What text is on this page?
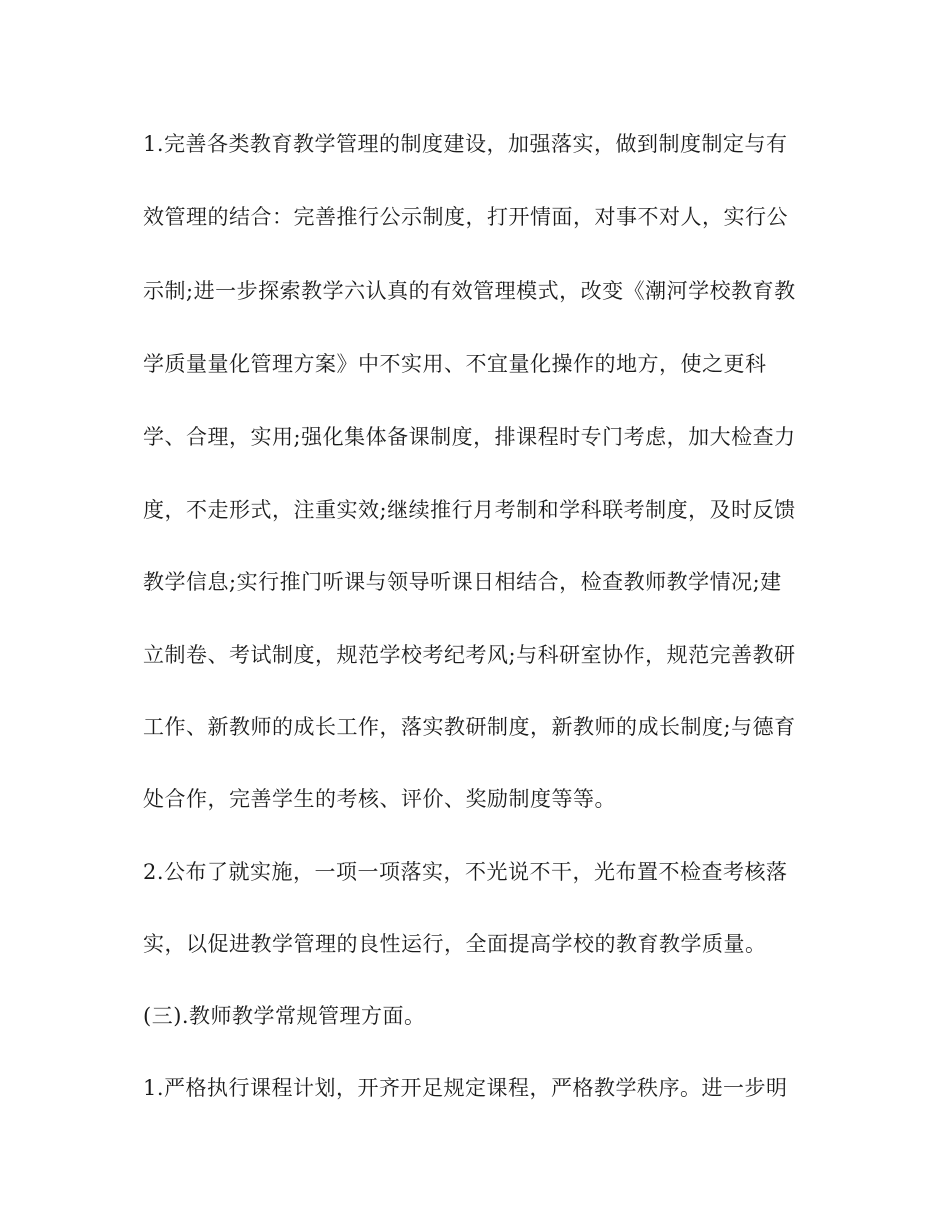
1.完善各类教育教学管理的制度建设，加强落实，做到制度制定与有
效管理的结合：完善推行公示制度，打开情面，对事不对人，实行公
示制;进一步探索教学六认真的有效管理模式，改变《潮河学校教育教
学质量量化管理方案》中不实用、不宜量化操作的地方，使之更科
学、合理，实用;强化集体备课制度，排课程时专门考虑，加大检查力
度，不走形式，注重实效;继续推行月考制和学科联考制度，及时反馈
教学信息;实行推门听课与领导听课日相结合，检查教师教学情况;建
立制卷、考试制度，规范学校考纪考风;与科研室协作，规范完善教研
工作、新教师的成长工作，落实教研制度，新教师的成长制度;与德育
处合作，完善学生的考核、评价、奖励制度等等。
2.公布了就实施，一项一项落实，不光说不干，光布置不检查考核落
实，以促进教学管理的良性运行，全面提高学校的教育教学质量。
(三).教师教学常规管理方面。
1.严格执行课程计划，开齐开足规定课程，严格教学秩序。进一步明
